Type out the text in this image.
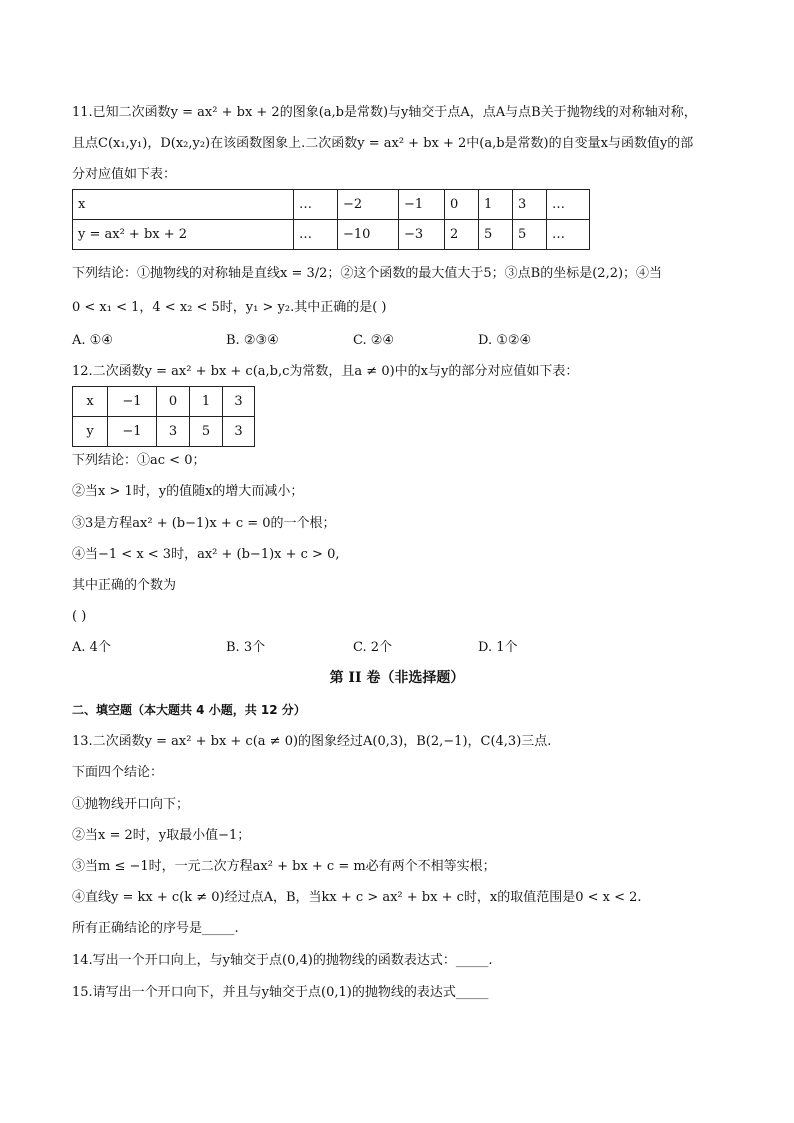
11.已知二次函数y = ax² + bx + 2的图象(a,b是常数)与y轴交于点A，点A与点B关于抛物线的对称轴对称，
且点C(x₁,y₁)，D(x₂,y₂)在该函数图象上.二次函数y = ax² + bx + 2中(a,b是常数)的自变量x与函数值y的部
分对应值如下表：
x	…	−2	−1	0	1	3	…
y = ax² + bx + 2	…	−10	−3	2	5	5	…
下列结论：①抛物线的对称轴是直线x = 3/2；②这个函数的最大值大于5；③点B的坐标是(2,2)；④当
0 < x₁ < 1，4 < x₂ < 5时，y₁ > y₂.其中正确的是( )
A. ①④	B. ②③④	C. ②④	D. ①②④
12.二次函数y = ax² + bx + c(a,b,c为常数，且a ≠ 0)中的x与y的部分对应值如下表：
x	−1	0	1	3
y	−1	3	5	3
下列结论：①ac < 0；
②当x > 1时，y的值随x的增大而减小；
③3是方程ax² + (b−1)x + c = 0的一个根；
④当−1 < x < 3时，ax² + (b−1)x + c > 0,
其中正确的个数为
( )
A. 4个	B. 3个	C. 2个	D. 1个
第 II 卷（非选择题）
二、填空题（本大题共 4 小题，共 12 分）
13.二次函数y = ax² + bx + c(a ≠ 0)的图象经过A(0,3)，B(2,−1)，C(4,3)三点.
下面四个结论：
①抛物线开口向下；
②当x = 2时，y取最小值−1；
③当m ≤ −1时，一元二次方程ax² + bx + c = m必有两个不相等实根；
④直线y = kx + c(k ≠ 0)经过点A，B，当kx + c > ax² + bx + c时，x的取值范围是0 < x < 2.
所有正确结论的序号是_____.
14.写出一个开口向上，与y轴交于点(0,4)的抛物线的函数表达式：_____.
15.请写出一个开口向下，并且与y轴交于点(0,1)的抛物线的表达式_____
